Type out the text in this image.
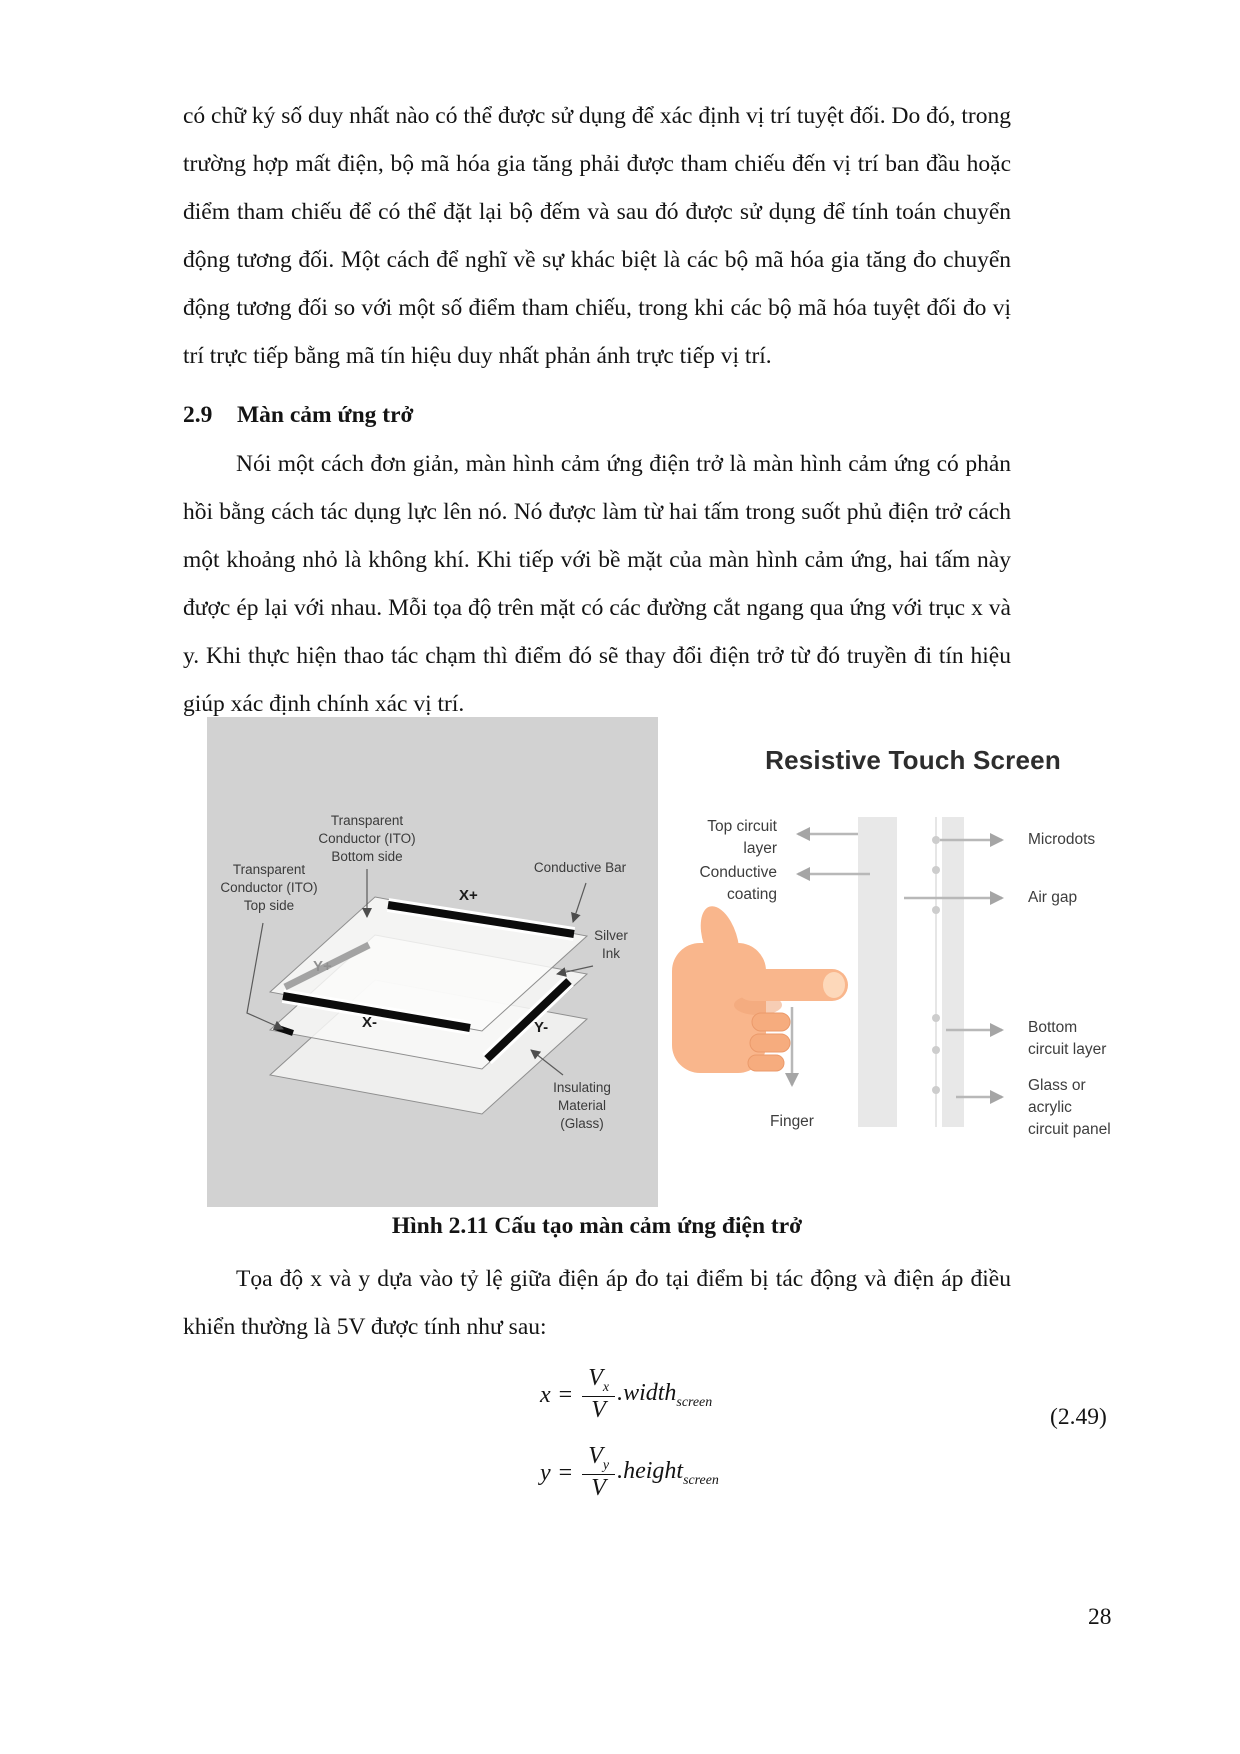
có chữ ký số duy nhất nào có thể được sử dụng để xác định vị trí tuyệt đối. Do đó, trong trường hợp mất điện, bộ mã hóa gia tăng phải được tham chiếu đến vị trí ban đầu hoặc điểm tham chiếu để có thể đặt lại bộ đếm và sau đó được sử dụng để tính toán chuyển động tương đối. Một cách để nghĩ về sự khác biệt là các bộ mã hóa gia tăng đo chuyển động tương đối so với một số điểm tham chiếu, trong khi các bộ mã hóa tuyệt đối đo vị trí trực tiếp bằng mã tín hiệu duy nhất phản ánh trực tiếp vị trí.

2.9 Màn cảm ứng trở

Nói một cách đơn giản, màn hình cảm ứng điện trở là màn hình cảm ứng có phản hồi bằng cách tác dụng lực lên nó. Nó được làm từ hai tấm trong suốt phủ điện trở cách một khoảng nhỏ là không khí. Khi tiếp với bề mặt của màn hình cảm ứng, hai tấm này được ép lại với nhau. Mỗi tọa độ trên mặt có các đường cắt ngang qua ứng với trục x và y. Khi thực hiện thao tác chạm thì điểm đó sẽ thay đổi điện trở từ đó truyền đi tín hiệu giúp xác định chính xác vị trí.

Transparent
Conductor (ITO)
Bottom side
Transparent
Conductor (ITO)
Top side
Conductive Bar
Silver
Ink
Insulating
Material
(Glass)
X+
Y+
X-	Y-
Resistive Touch Screen
Top circuit
layer
Conductive
coating
Microdots
Air gap
Bottom
circuit layer
Glass or
acrylic
circuit panel
Finger
Hình 2.11 Cấu tạo màn cảm ứng điện trở

Tọa độ x và y dựa vào tỷ lệ giữa điện áp đo tại điểm bị tác động và điện áp điều khiển thường là 5V được tính như sau:

$x = \frac{V_x}{V}$ .width$_{screen}$
$y = \frac{V_y}{V}$ .height$_{screen}$
(2.49)
28
